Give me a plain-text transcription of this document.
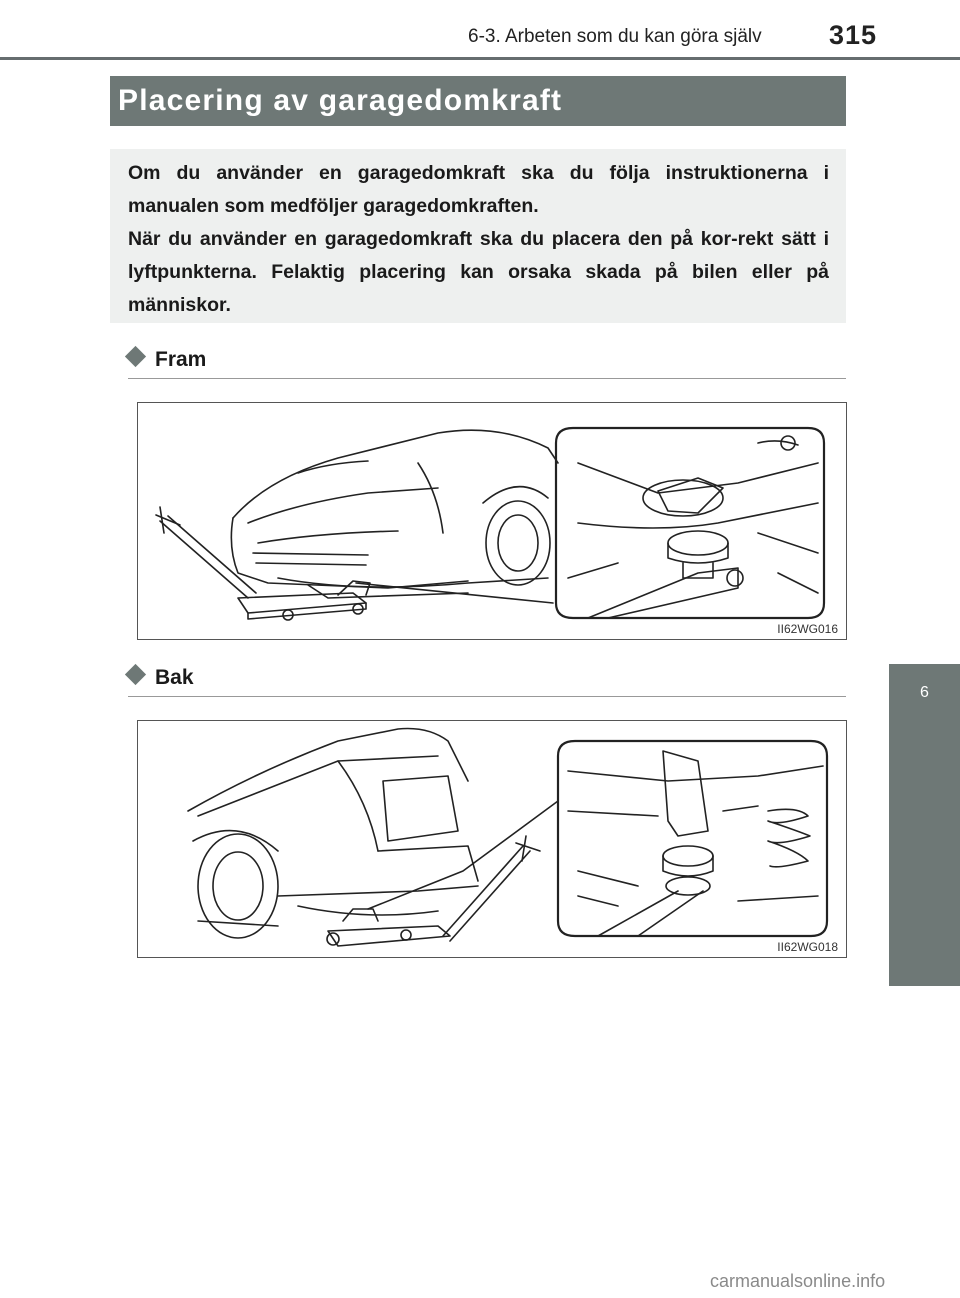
6-3. Arbeten som du kan göra själv 315
Placering av garagedomkraft
Om du använder en garagedomkraft ska du följa instruktionerna i manualen som medföljer garagedomkraften.
När du använder en garagedomkraft ska du placera den på kor-rekt sätt i lyftpunkterna. Felaktig placering kan orsaka skada på bilen eller på människor.
Fram
II62WG016
Bak
II62WG018
6
Underhåll och skötsel
carmanualsonline.info
